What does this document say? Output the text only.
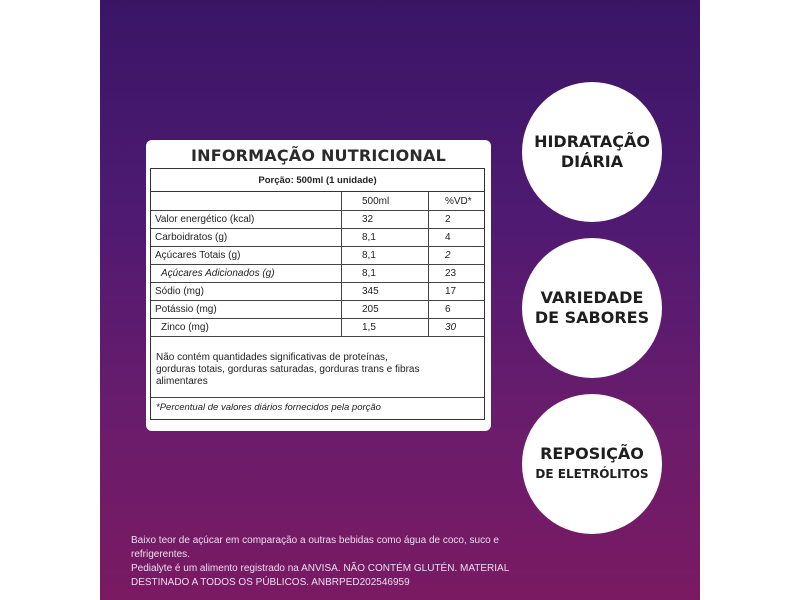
INFORMAÇÃO NUTRICIONAL
Porção: 500ml (1 unidade)
	500ml	%VD*
Valor energético (kcal)	32	2
Carboidratos (g)	8,1	4
Açúcares Totais (g)	8,1	2
Açúcares Adicionados (g)	8,1	23
Sódio (mg)	345	17
Potássio (mg)	205	6
Zinco (mg)	1,5	30
Não contém quantidades significativas de proteínas, gorduras totais, gorduras saturadas, gorduras trans e fibras alimentares
*Percentual de valores diários fornecidos pela porção
HIDRATAÇÃO
DIÁRIA
VARIEDADE
DE SABORES
REPOSIÇÃO
DE ELETRÓLITOS
Baixo teor de açúcar em comparação a outras bebidas como água de coco, suco e refrigerentes.
Pedialyte é um alimento registrado na ANVISA. NÃO CONTÉM GLUTÉN. MATERIAL
DESTINADO A TODOS OS PÚBLICOS. ANBRPED202546959
